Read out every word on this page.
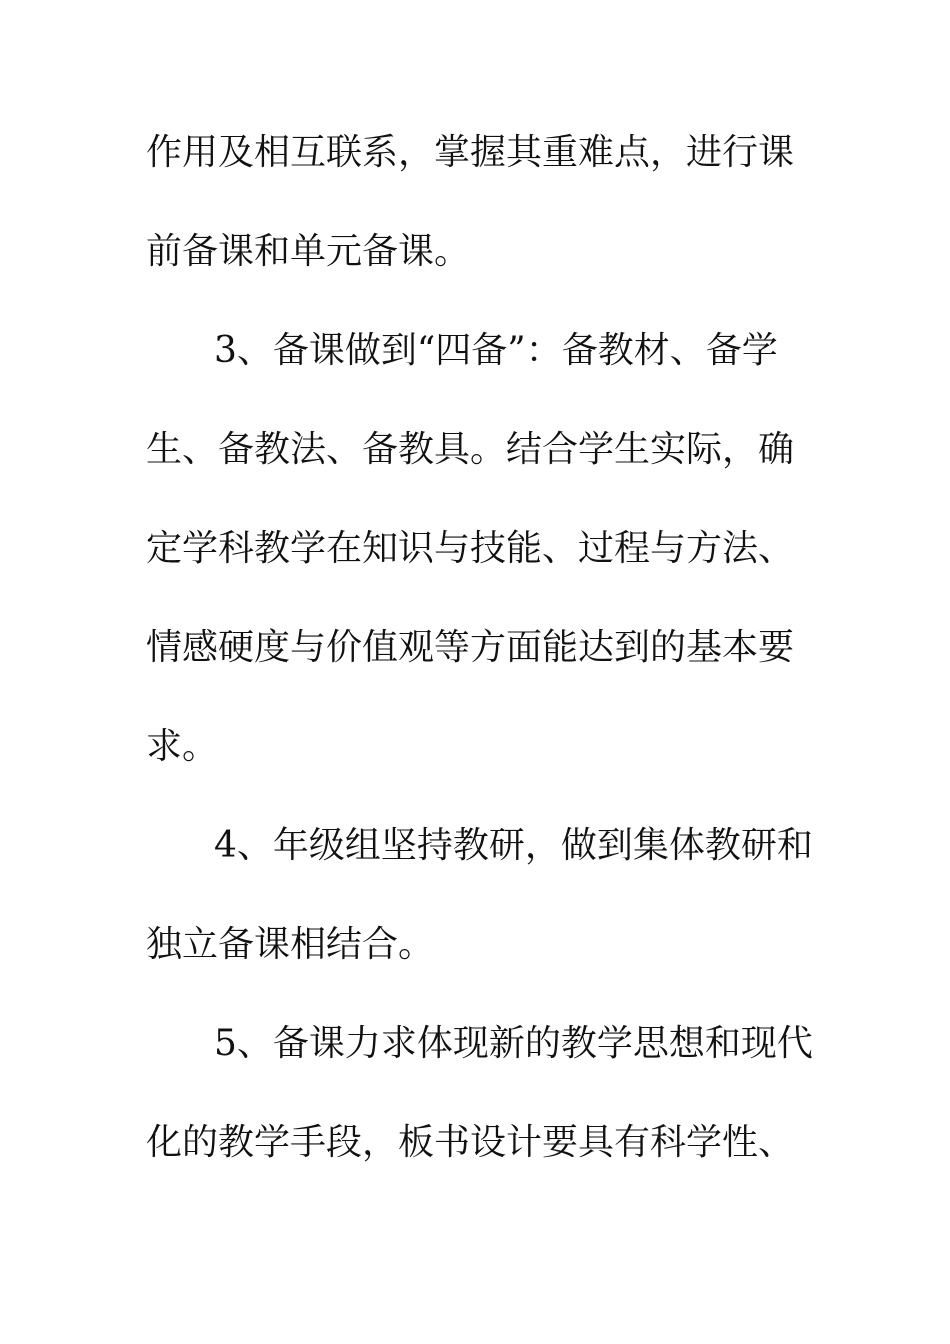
作用及相互联系，掌握其重难点，进行课
前备课和单元备课。
3、备课做到“四备”：备教材、备学
生、备教法、备教具。结合学生实际，确
定学科教学在知识与技能、过程与方法、
情感硬度与价值观等方面能达到的基本要
求。
4、年级组坚持教研，做到集体教研和
独立备课相结合。
5、备课力求体现新的教学思想和现代
化的教学手段，板书设计要具有科学性、
